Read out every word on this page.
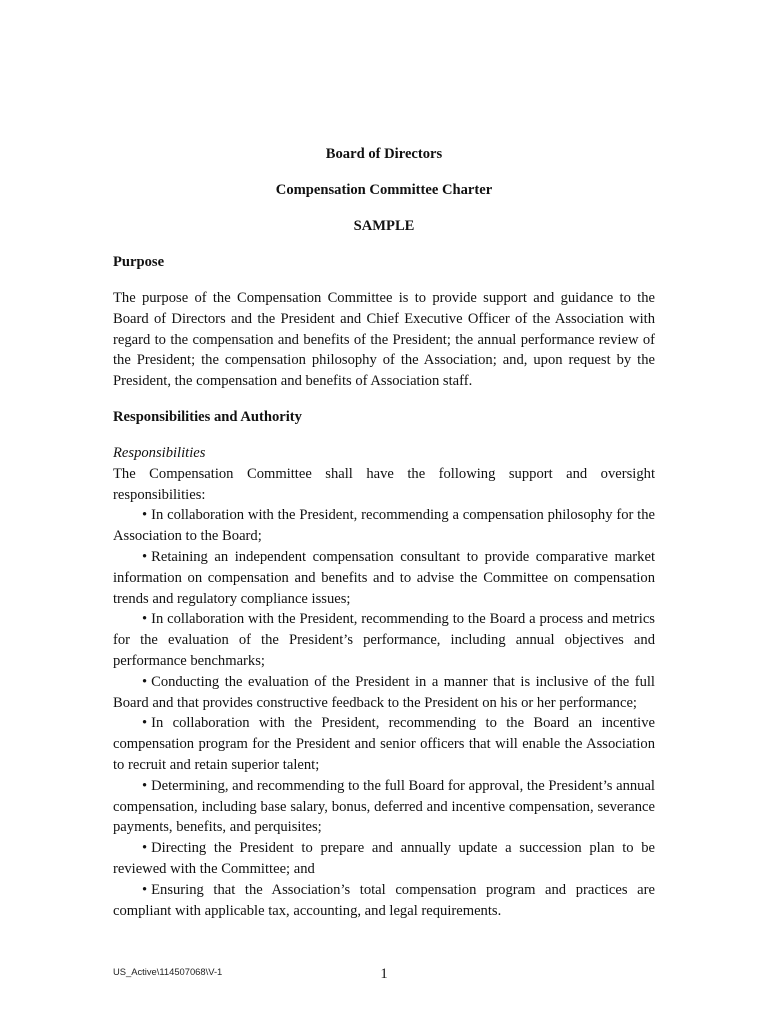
Board of Directors

Compensation Committee Charter

SAMPLE

Purpose

The purpose of the Compensation Committee is to provide support and guidance to the Board of Directors and the President and Chief Executive Officer of the Association with regard to the compensation and benefits of the President; the annual performance review of the President; the compensation philosophy of the Association; and, upon request by the President, the compensation and benefits of Association staff.

Responsibilities and Authority

Responsibilities

The Compensation Committee shall have the following support and oversight responsibilities:

• In collaboration with the President, recommending a compensation philosophy for the Association to the Board;
• Retaining an independent compensation consultant to provide comparative market information on compensation and benefits and to advise the Committee on compensation trends and regulatory compliance issues;
• In collaboration with the President, recommending to the Board a process and metrics for the evaluation of the President’s performance, including annual objectives and performance benchmarks;
• Conducting the evaluation of the President in a manner that is inclusive of the full Board and that provides constructive feedback to the President on his or her performance;
• In collaboration with the President, recommending to the Board an incentive compensation program for the President and senior officers that will enable the Association to recruit and retain superior talent;
• Determining, and recommending to the full Board for approval, the President’s annual compensation, including base salary, bonus, deferred and incentive compensation, severance payments, benefits, and perquisites;
• Directing the President to prepare and annually update a succession plan to be reviewed with the Committee; and
• Ensuring that the Association’s total compensation program and practices are compliant with applicable tax, accounting, and legal requirements.
US_Active\114507068\V-1	1
